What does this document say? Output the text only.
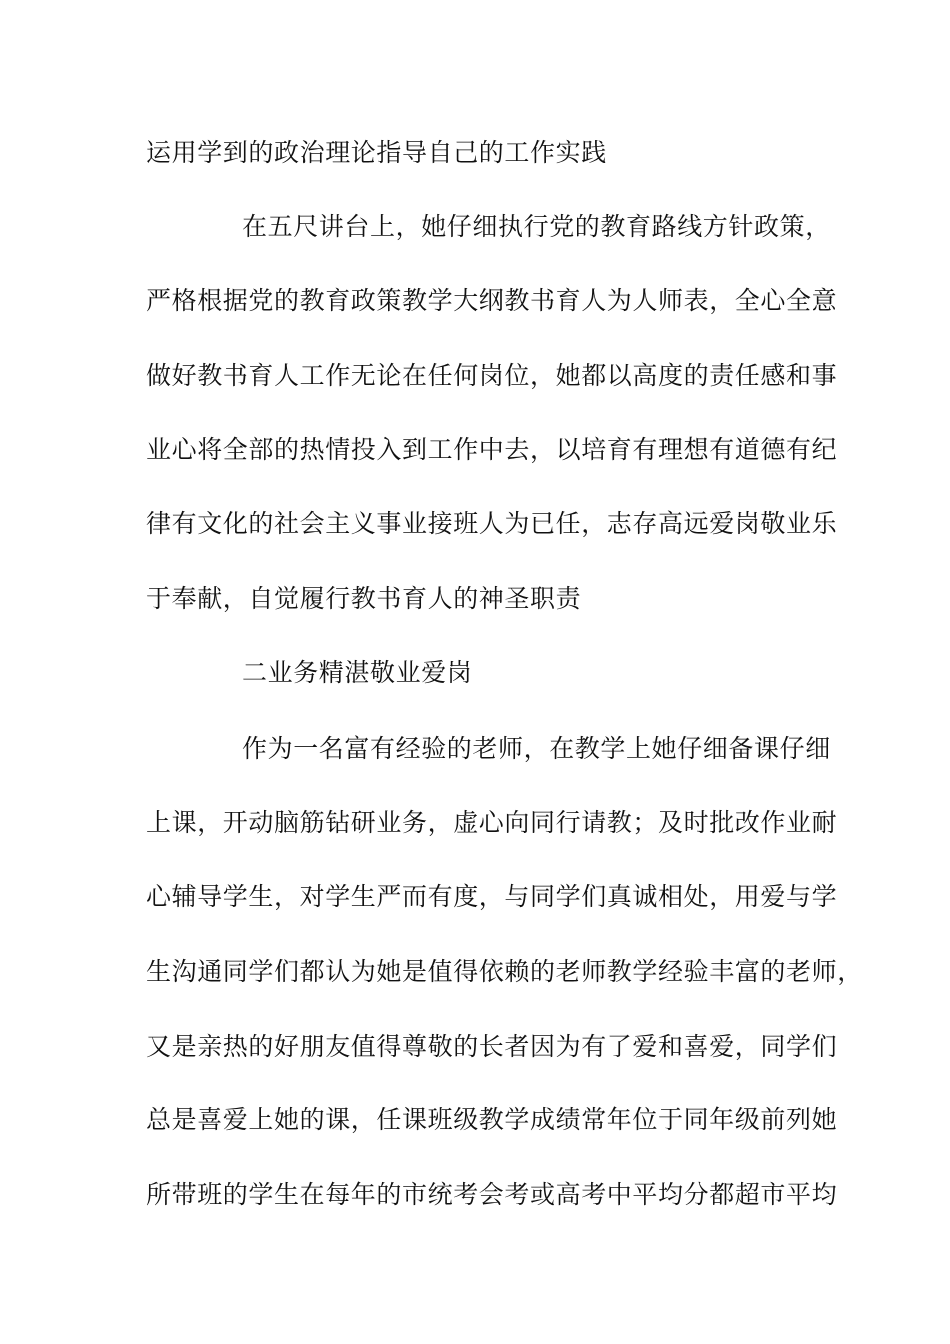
运用学到的政治理论指导自己的工作实践
在五尺讲台上，她仔细执行党的教育路线方针政策，
严格根据党的教育政策教学大纲教书育人为人师表，全心全意
做好教书育人工作无论在任何岗位，她都以高度的责任感和事
业心将全部的热情投入到工作中去，以培育有理想有道德有纪
律有文化的社会主义事业接班人为已任，志存高远爱岗敬业乐
于奉献，自觉履行教书育人的神圣职责
二业务精湛敬业爱岗
作为一名富有经验的老师，在教学上她仔细备课仔细
上课，开动脑筋钻研业务，虚心向同行请教；及时批改作业耐
心辅导学生，对学生严而有度，与同学们真诚相处，用爱与学
生沟通同学们都认为她是值得依赖的老师教学经验丰富的老师，
又是亲热的好朋友值得尊敬的长者因为有了爱和喜爱，同学们
总是喜爱上她的课，任课班级教学成绩常年位于同年级前列她
所带班的学生在每年的市统考会考或高考中平均分都超市平均
